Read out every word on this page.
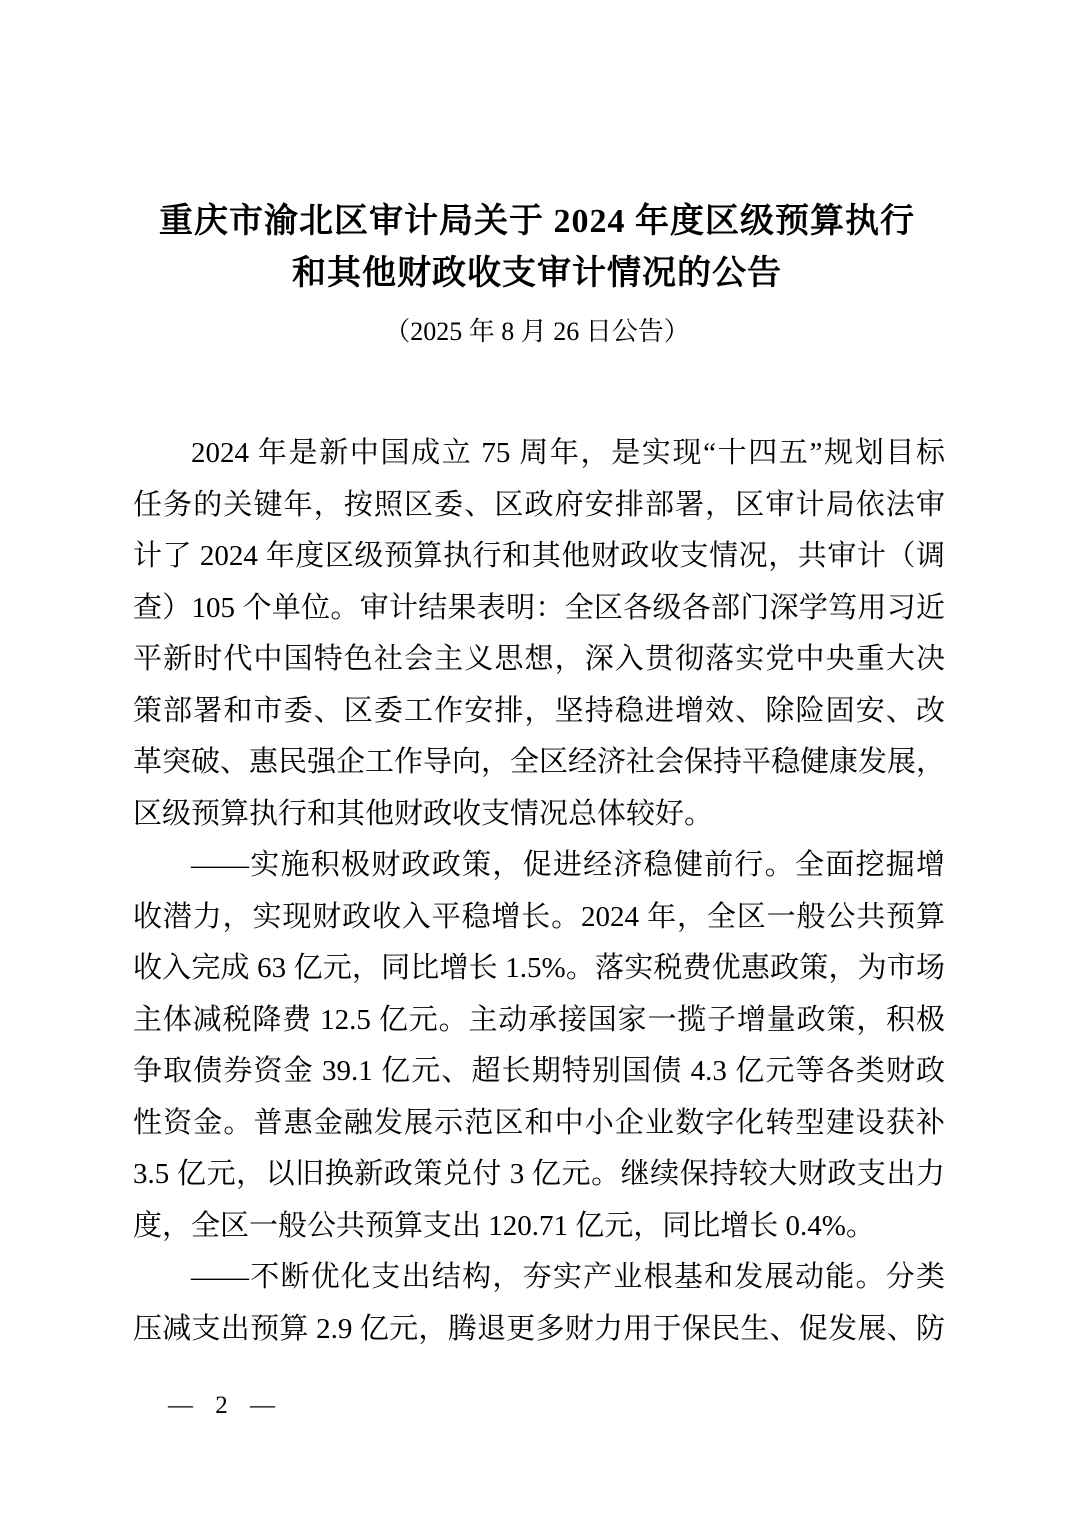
重庆市渝北区审计局关于 2024 年度区级预算执行
和其他财政收支审计情况的公告
（2025 年 8 月 26 日公告）
2024 年是新中国成立 75 周年，是实现“十四五”规划目标
任务的关键年，按照区委、区政府安排部署，区审计局依法审
计了 2024 年度区级预算执行和其他财政收支情况，共审计（调
查）105 个单位。审计结果表明：全区各级各部门深学笃用习近
平新时代中国特色社会主义思想，深入贯彻落实党中央重大决
策部署和市委、区委工作安排，坚持稳进增效、除险固安、改
革突破、惠民强企工作导向，全区经济社会保持平稳健康发展，
区级预算执行和其他财政收支情况总体较好。
——实施积极财政政策，促进经济稳健前行。全面挖掘增
收潜力，实现财政收入平稳增长。2024 年，全区一般公共预算
收入完成 63 亿元，同比增长 1.5%。落实税费优惠政策，为市场
主体减税降费 12.5 亿元。主动承接国家一揽子增量政策，积极
争取债券资金 39.1 亿元、超长期特别国债 4.3 亿元等各类财政
性资金。普惠金融发展示范区和中小企业数字化转型建设获补
3.5 亿元，以旧换新政策兑付 3 亿元。继续保持较大财政支出力
度，全区一般公共预算支出 120.71 亿元，同比增长 0.4%。
——不断优化支出结构，夯实产业根基和发展动能。分类
压减支出预算 2.9 亿元，腾退更多财力用于保民生、促发展、防
— 2 —
